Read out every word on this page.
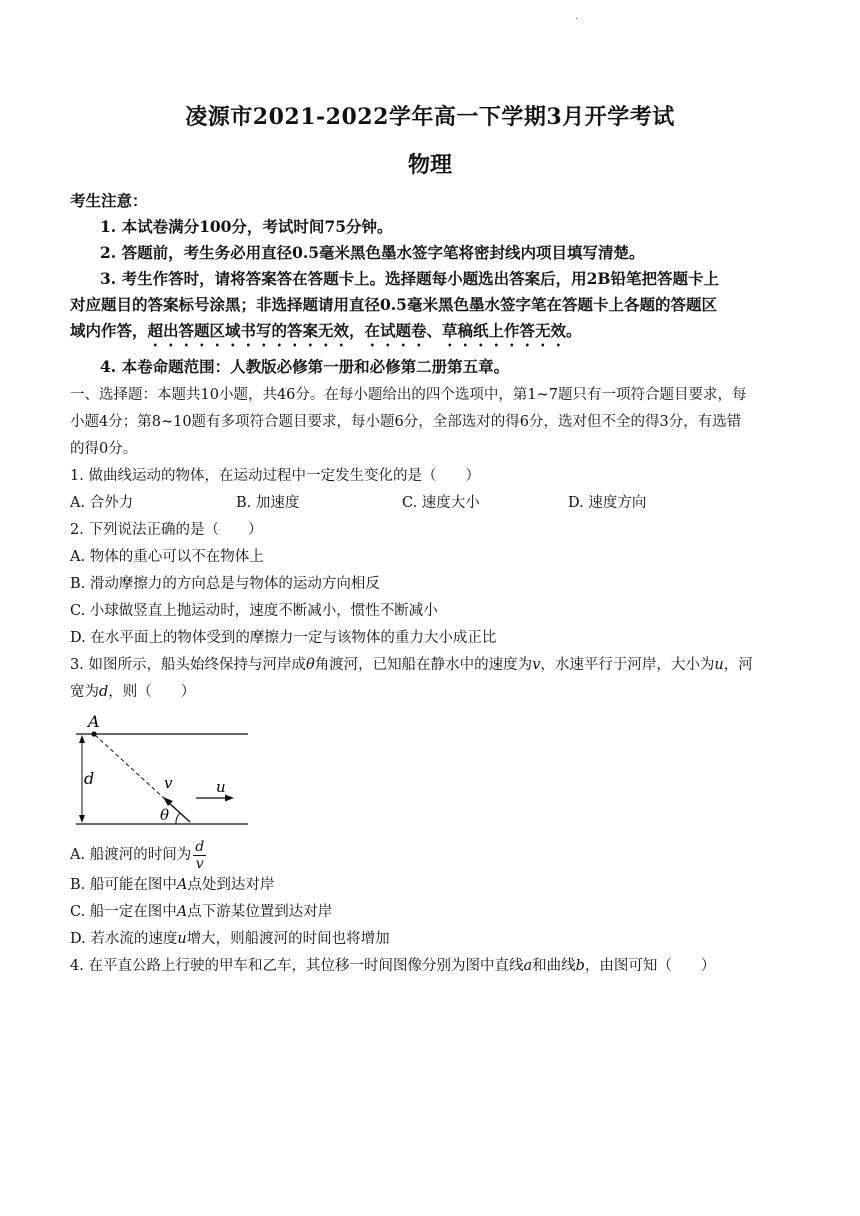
·
凌源市2021-2022学年高一下学期3月开学考试
物理

考生注意：

1. 本试卷满分100分，考试时间75分钟。

2. 答题前，考生务必用直径0.5毫米黑色墨水签字笔将密封线内项目填写清楚。

3. 考生作答时，请将答案答在答题卡上。选择题每小题选出答案后，用2B铅笔把答题卡上

对应题目的答案标号涂黑；非选择题请用直径0.5毫米黑色墨水签字笔在答题卡上各题的答题区

域内作答，超出答题区域书写的答案无效，在试题卷、草稿纸上作答无效。

4. 本卷命题范围：人教版必修第一册和必修第二册第五章。

一、选择题：本题共10小题，共46分。在每小题给出的四个选项中，第1~7题只有一项符合题目要求，每

小题4分；第8~10题有多项符合题目要求，每小题6分，全部选对的得6分，选对但不全的得3分，有选错

的得0分。

1. 做曲线运动的物体，在运动过程中一定发生变化的是（　　）

A. 合外力	B. 加速度	C. 速度大小	D. 速度方向

2. 下列说法正确的是（　　）

A. 物体的重心可以不在物体上

B. 滑动摩擦力的方向总是与物体的运动方向相反

C. 小球做竖直上抛运动时，速度不断减小，惯性不断减小

D. 在水平面上的物体受到的摩擦力一定与该物体的重力大小成正比

3. 如图所示，船头始终保持与河岸成θ角渡河，已知船在静水中的速度为v，水速平行于河岸，大小为u，河

宽为d，则（　　）

A
d	v	u
θ

A. 船渡河的时间为 $\frac{d}{v}$

B. 船可能在图中A点处到达对岸

C. 船一定在图中A点下游某位置到达对岸

D. 若水流的速度u增大，则船渡河的时间也将增加

4. 在平直公路上行驶的甲车和乙车，其位移一时间图像分别为图中直线a和曲线b，由图可知（　　）
